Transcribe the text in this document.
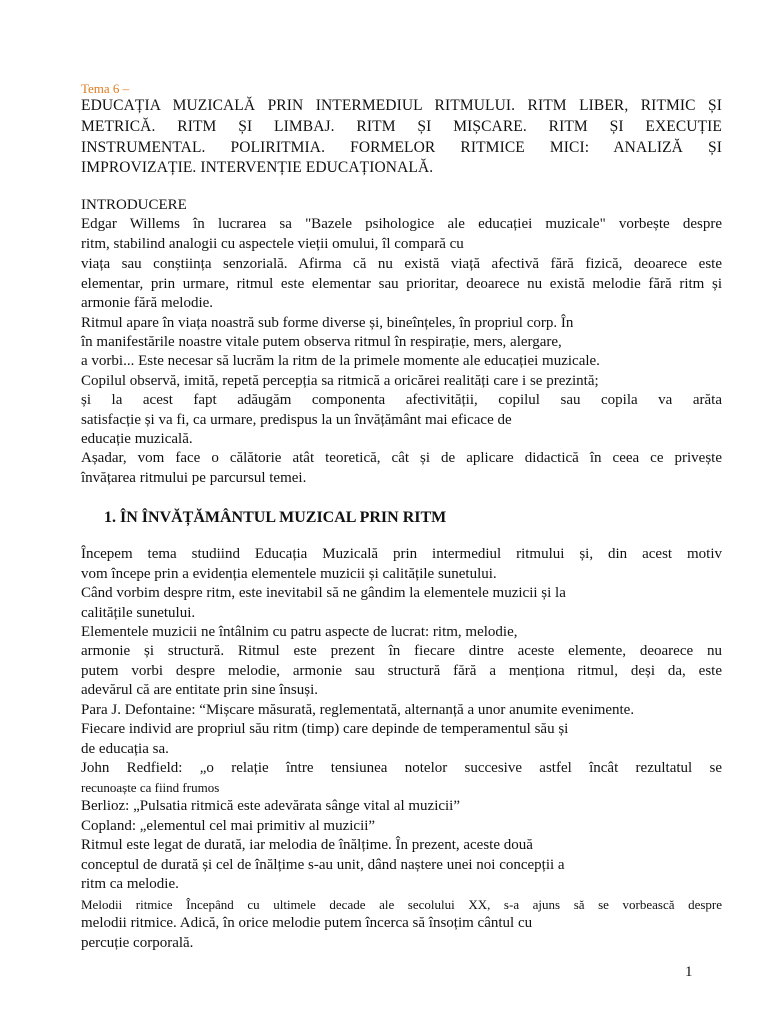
Tema 6 –
EDUCAȚIA MUZICALĂ PRIN INTERMEDIUL RITMULUI. RITM LIBER, RITMIC ȘI
METRICĂ. RITM ȘI LIMBAJ. RITM ȘI MIȘCARE. RITM ȘI EXECUȚIE
INSTRUMENTAL. POLIRITMIA. FORMELOR RITMICE MICI: ANALIZĂ ȘI
IMPROVIZAȚIE. INTERVENȚIE EDUCAȚIONALĂ.
INTRODUCERE
Edgar Willems în lucrarea sa "Bazele psihologice ale educației muzicale" vorbește despre
ritm, stabilind analogii cu aspectele vieții omului, îl compară cu
viața sau conștiința senzorială. Afirma că nu există viață afectivă fără fizică, deoarece este
elementar, prin urmare, ritmul este elementar sau prioritar, deoarece nu există melodie fără ritm și
armonie fără melodie.
Ritmul apare în viața noastră sub forme diverse și, bineînțeles, în propriul corp. În
în manifestările noastre vitale putem observa ritmul în respirație, mers, alergare,
a vorbi... Este necesar să lucrăm la ritm de la primele momente ale educației muzicale.
Copilul observă, imită, repetă percepția sa ritmică a oricărei realități care i se prezintă;
și la acest fapt adăugăm componenta afectivității, copilul sau copila va arăta
satisfacție și va fi, ca urmare, predispus la un învățământ mai eficace de
educație muzicală.
Așadar, vom face o călătorie atât teoretică, cât și de aplicare didactică în ceea ce privește
învățarea ritmului pe parcursul temei.
1. ÎN ÎNVĂȚĂMÂNTUL MUZICAL PRIN RITM
Începem tema studiind Educația Muzicală prin intermediul ritmului și, din acest motiv
vom începe prin a evidenția elementele muzicii și calitățile sunetului.
Când vorbim despre ritm, este inevitabil să ne gândim la elementele muzicii și la
calitățile sunetului.
Elementele muzicii ne întâlnim cu patru aspecte de lucrat: ritm, melodie,
armonie și structură. Ritmul este prezent în fiecare dintre aceste elemente, deoarece nu
putem vorbi despre melodie, armonie sau structură fără a menționa ritmul, deși da, este
adevărul că are entitate prin sine însuși.
Para J. Defontaine: “Mișcare măsurată, reglementată, alternanță a unor anumite evenimente.
Fiecare individ are propriul său ritm (timp) care depinde de temperamentul său și
de educația sa.
John Redfield: „o relație între tensiunea notelor succesive astfel încât rezultatul se
recunoaște ca fiind frumos
Berlioz: „Pulsatia ritmică este adevărata sânge vital al muzicii”
Copland: „elementul cel mai primitiv al muzicii”
Ritmul este legat de durată, iar melodia de înălțime. În prezent, aceste două
conceptul de durată și cel de înălțime s-au unit, dând naștere unei noi concepții a
ritm ca melodie.
Melodii ritmice Începând cu ultimele decade ale secolului XX, s-a ajuns să se vorbească despre
melodii ritmice. Adică, în orice melodie putem încerca să însoțim cântul cu
percuție corporală.
1
